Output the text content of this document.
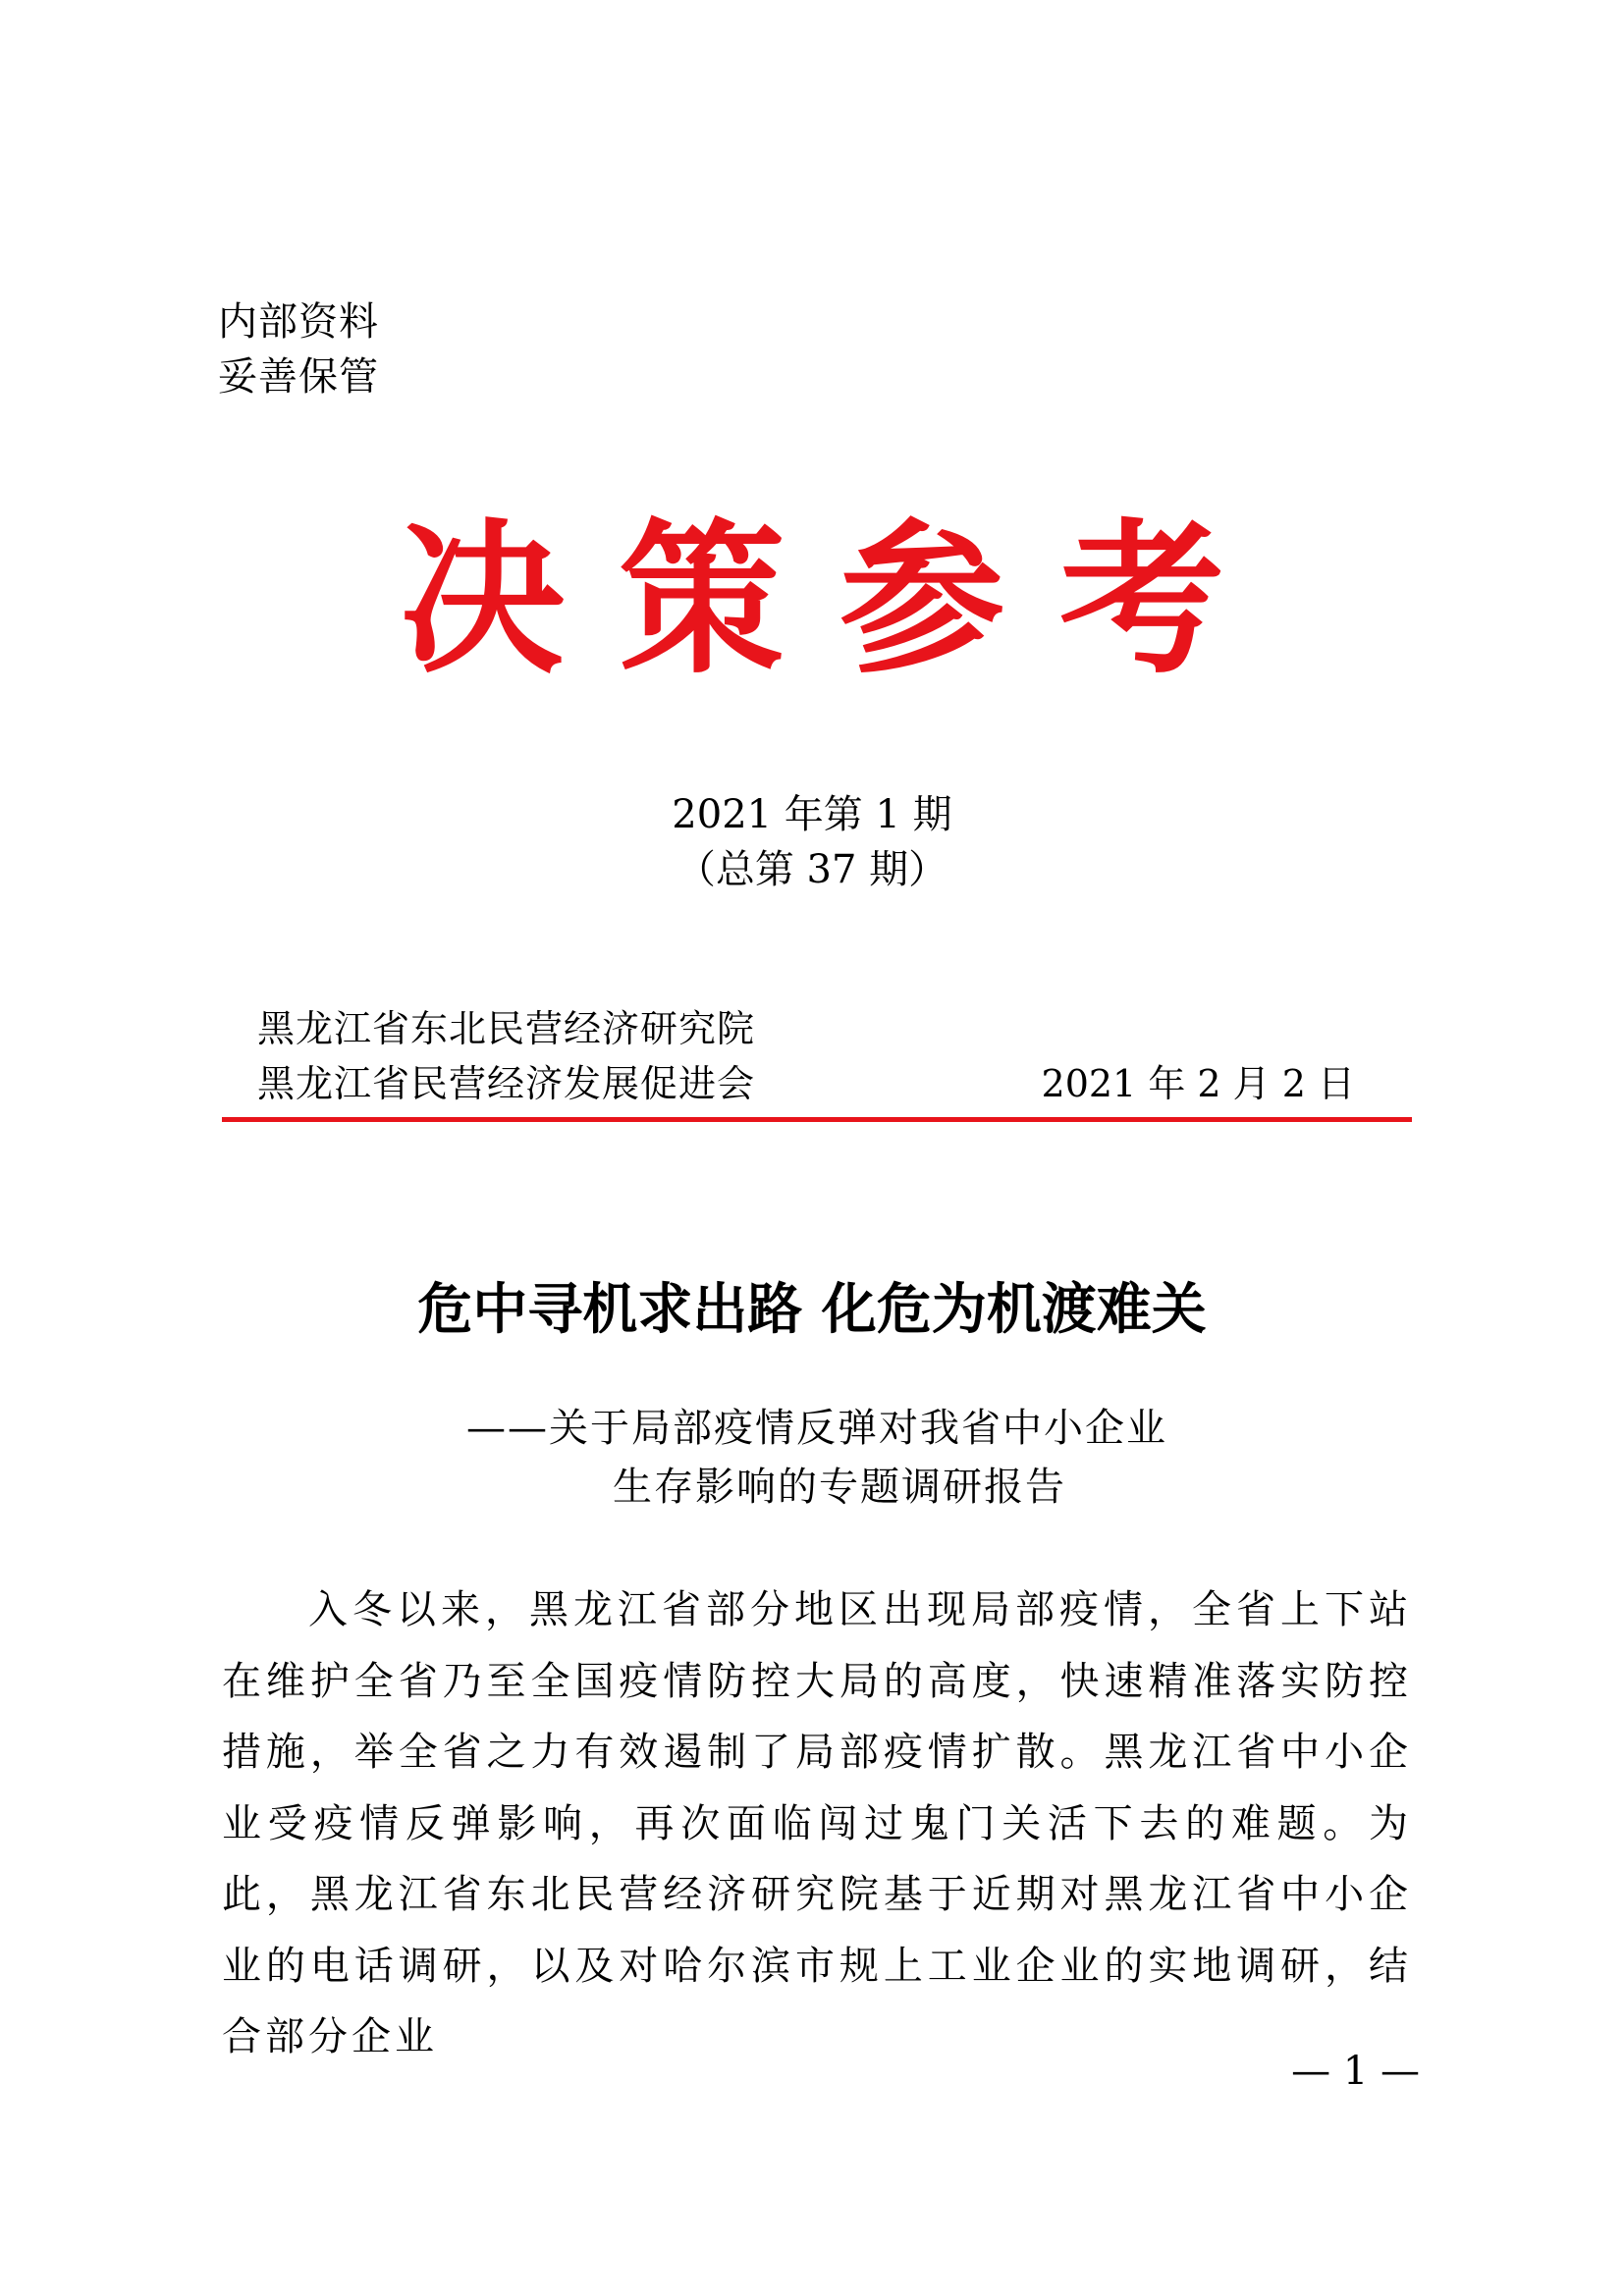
内部资料
妥善保管
决策参考
2021 年第 1 期
（总第 37 期）
黑龙江省东北民营经济研究院
黑龙江省民营经济发展促进会	2021 年 2 月 2 日
危中寻机求出路 化危为机渡难关
——关于局部疫情反弹对我省中小企业
生存影响的专题调研报告
入冬以来，黑龙江省部分地区出现局部疫情，全省上下站在维护全省乃至全国疫情防控大局的高度，快速精准落实防控措施，举全省之力有效遏制了局部疫情扩散。黑龙江省中小企业受疫情反弹影响，再次面临闯过鬼门关活下去的难题。为此，黑龙江省东北民营经济研究院基于近期对黑龙江省中小企业的电话调研，以及对哈尔滨市规上工业企业的实地调研，结合部分企业
— 1 —
